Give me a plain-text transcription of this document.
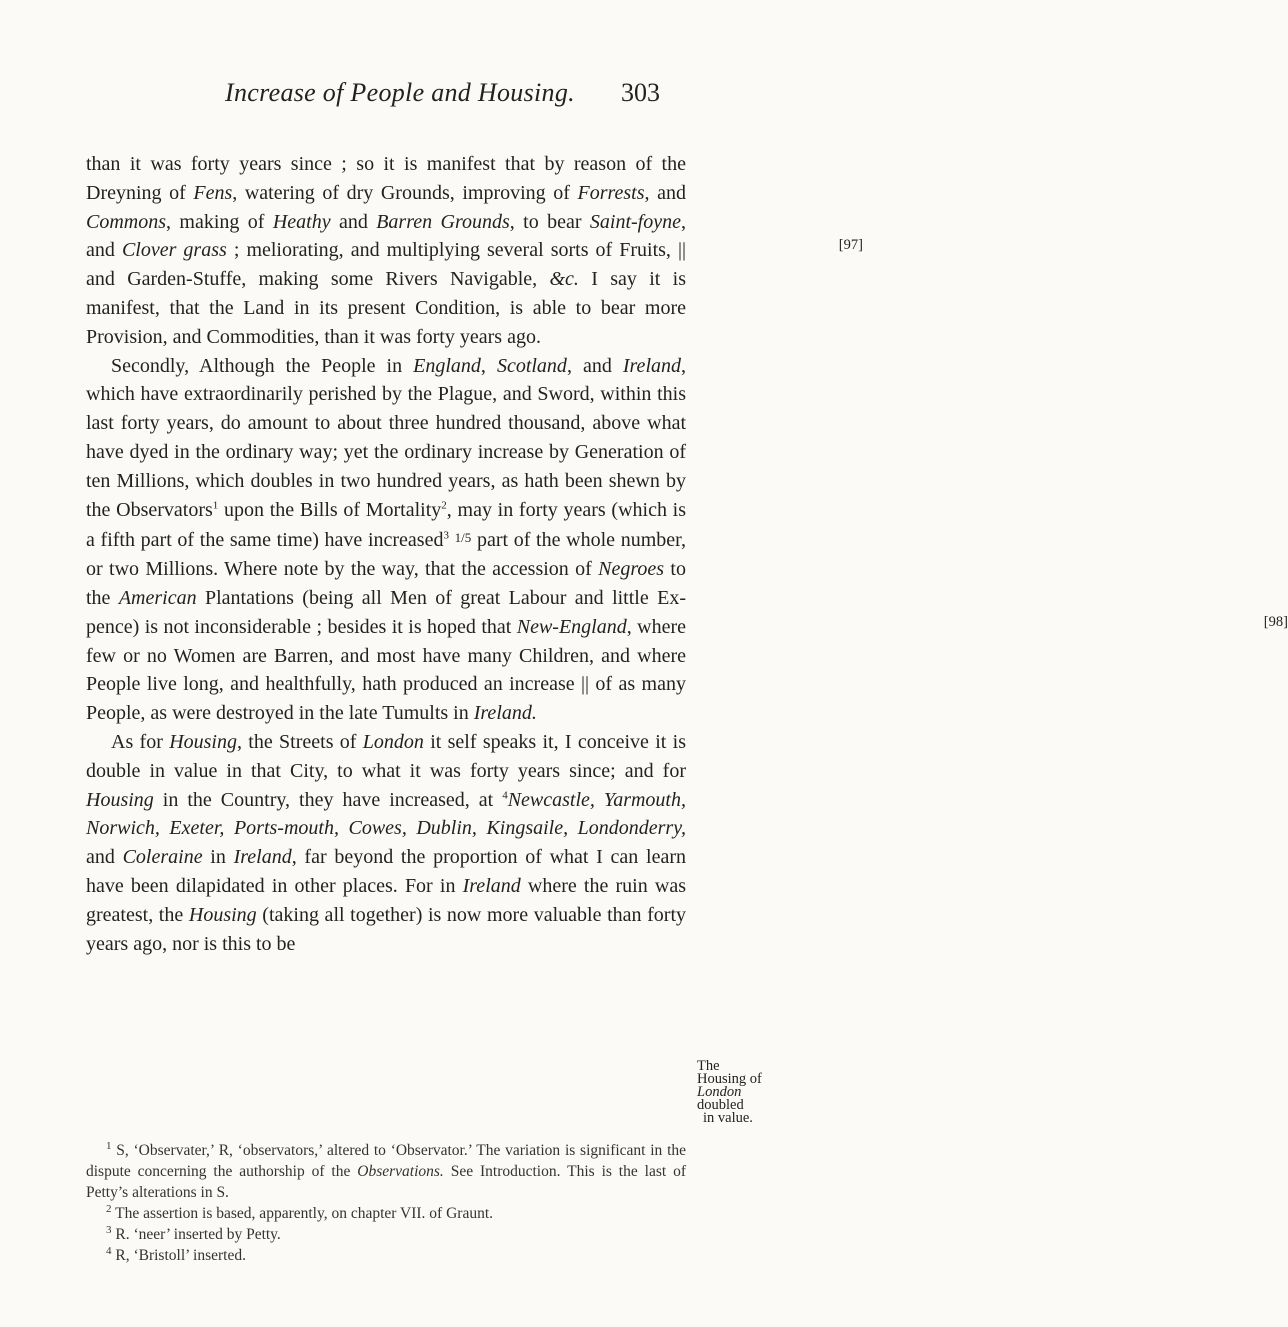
Increase of People and Housing.	303

than it was forty years since ; so it is manifest that by reason of the Dreyning of Fens, watering of dry Grounds, improving of Forrests, and Commons, making of Heathy and Barren Grounds, to bear Saint-foyne, and Clover grass ; meliorating, and multiplying several sorts of Fruits, || and Garden-Stuffe,
[97]
making some Rivers Navigable, &c. I say it is manifest, that the Land in its present Condition, is able to bear more Provision, and Commodities, than it was forty years ago.

Secondly, Although the People in England, Scotland, and Ireland, which have extraordinarily perished by the Plague, and Sword, within this last forty years, do amount to about three hundred thousand, above what have dyed in the ordinary way; yet the ordinary increase by Generation of ten Millions, which doubles in two hundred years, as hath been shewn by the Observators$^1$ upon the Bills of Mortality$^2$, may in forty years (which is a fifth part of the same time) have increased$^3$ $^{1/5}$ part of the whole number, or two Millions. Where note by the way, that the accession of Negroes to the American Plantations (being all Men of great Labour and little Ex- pence) is not inconsiderable ; besides it is hoped that New-England, where few or no Women are Barren, and most have many Children, and where People live long, and healthfully, hath produced an increase || of as many People, as were
[98]
destroyed in the late Tumults in Ireland.

As for Housing, the Streets of London it self speaks it, I conceive it is double in value in that City, to what it was forty years since; and for Housing in the Country, they have increased, at $^4$Newcastle, Yarmouth, Norwich, Exeter, Ports-mouth, Cowes, Dublin, Kingsaile, Londonderry, and Coleraine in Ireland, far beyond the proportion of what I can learn have been dilapidated in other places. For in Ireland where the ruin was greatest, the Housing (taking all together) is now more valuable than forty years ago, nor is this to be

The
Housing of
London
doubled
in value.

$^1$ S, ‘Observater,’ R, ‘observators,’ altered to ‘Observator.’ The variation is significant in the dispute concerning the authorship of the Observations. See Introduction. This is the last of Petty’s alterations in S.

$^2$ The assertion is based, apparently, on chapter VII. of Graunt.

$^3$ R. ‘neer’ inserted by Petty.

$^4$ R, ‘Bristoll’ inserted.
